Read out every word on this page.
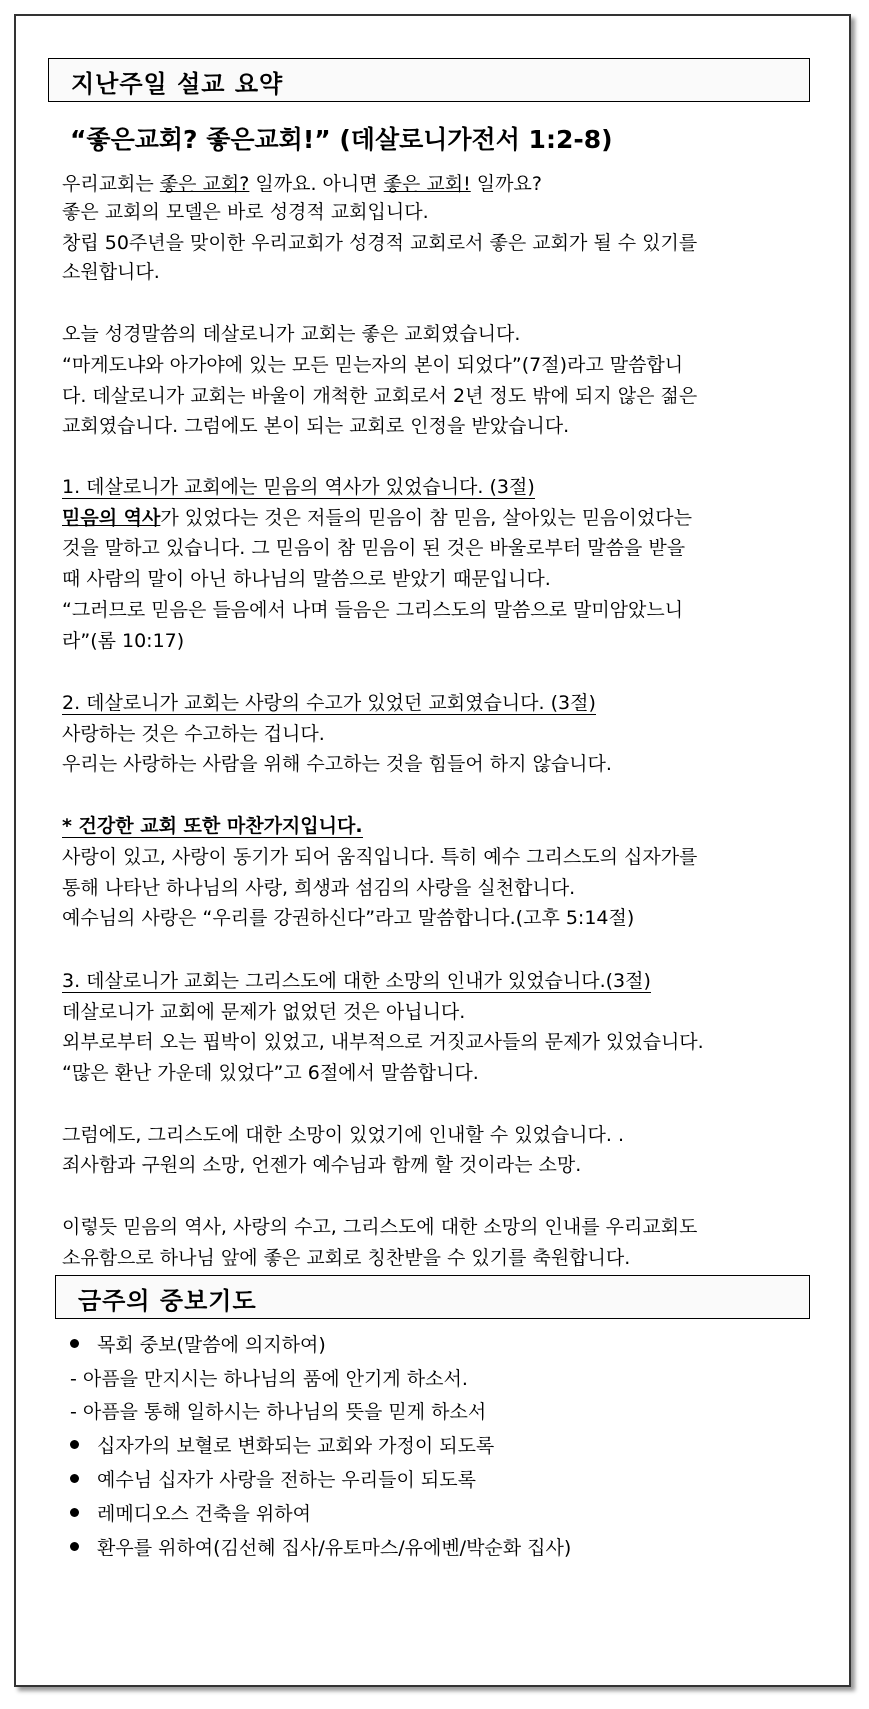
지난주일 설교 요약
“좋은교회? 좋은교회!” (데살로니가전서 1:2-8)
우리교회는 좋은 교회? 일까요. 아니면 좋은 교회! 일까요?
좋은 교회의 모델은 바로 성경적 교회입니다.
창립 50주년을 맞이한 우리교회가 성경적 교회로서 좋은 교회가 될 수 있기를
소원합니다.
오늘 성경말씀의 데살로니가 교회는 좋은 교회였습니다.
“마게도냐와 아가야에 있는 모든 믿는자의 본이 되었다”(7절)라고 말씀합니
다. 데살로니가 교회는 바울이 개척한 교회로서 2년 정도 밖에 되지 않은 젊은
교회였습니다. 그럼에도 본이 되는 교회로 인정을 받았습니다.
1. 데살로니가 교회에는 믿음의 역사가 있었습니다. (3절)
믿음의 역사가 있었다는 것은 저들의 믿음이 참 믿음, 살아있는 믿음이었다는
것을 말하고 있습니다. 그 믿음이 참 믿음이 된 것은 바울로부터 말씀을 받을
때 사람의 말이 아닌 하나님의 말씀으로 받았기 때문입니다.
“그러므로 믿음은 들음에서 나며 들음은 그리스도의 말씀으로 말미암았느니
라”(롬 10:17)
2. 데살로니가 교회는 사랑의 수고가 있었던 교회였습니다. (3절)
사랑하는 것은 수고하는 겁니다.
우리는 사랑하는 사람을 위해 수고하는 것을 힘들어 하지 않습니다.
* 건강한 교회 또한 마찬가지입니다.
사랑이 있고, 사랑이 동기가 되어 움직입니다. 특히 예수 그리스도의 십자가를
통해 나타난 하나님의 사랑, 희생과 섬김의 사랑을 실천합니다.
예수님의 사랑은 “우리를 강권하신다”라고 말씀합니다.(고후 5:14절)
3. 데살로니가 교회는 그리스도에 대한 소망의 인내가 있었습니다.(3절)
데살로니가 교회에 문제가 없었던 것은 아닙니다.
외부로부터 오는 핍박이 있었고, 내부적으로 거짓교사들의 문제가 있었습니다.
“많은 환난 가운데 있었다”고 6절에서 말씀합니다.
그럼에도, 그리스도에 대한 소망이 있었기에 인내할 수 있었습니다. .
죄사함과 구원의 소망, 언젠가 예수님과 함께 할 것이라는 소망.
이렇듯 믿음의 역사, 사랑의 수고, 그리스도에 대한 소망의 인내를 우리교회도
소유함으로 하나님 앞에 좋은 교회로 칭찬받을 수 있기를 축원합니다.
금주의 중보기도
목회 중보(말씀에 의지하여)
- 아픔을 만지시는 하나님의 품에 안기게 하소서.
- 아픔을 통해 일하시는 하나님의 뜻을 믿게 하소서
십자가의 보혈로 변화되는 교회와 가정이 되도록
예수님 십자가 사랑을 전하는 우리들이 되도록
레메디오스 건축을 위하여
환우를 위하여(김선혜 집사/유토마스/유에벤/박순화 집사)
